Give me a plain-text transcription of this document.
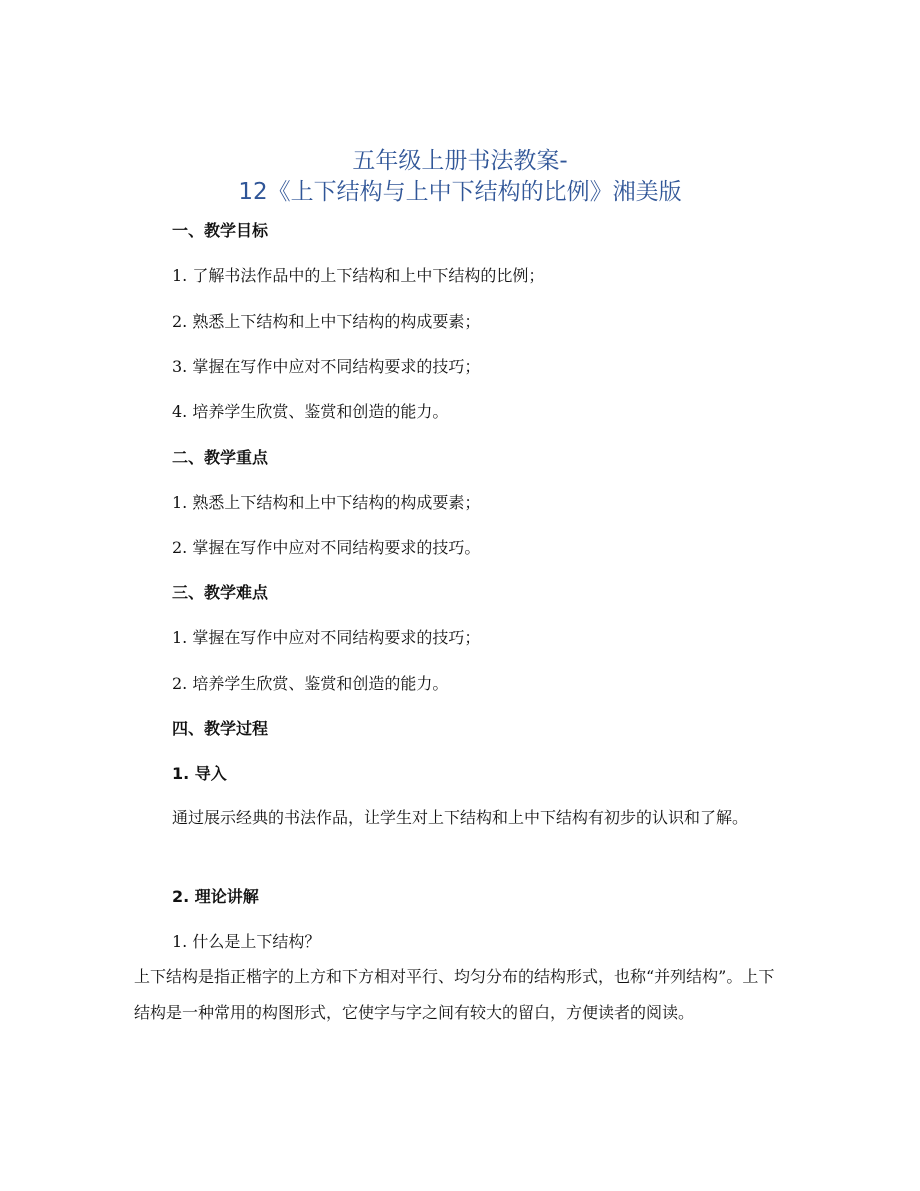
五年级上册书法教案-
12《上下结构与上中下结构的比例》湘美版
一、教学目标
1. 了解书法作品中的上下结构和上中下结构的比例；
2. 熟悉上下结构和上中下结构的构成要素；
3. 掌握在写作中应对不同结构要求的技巧；
4. 培养学生欣赏、鉴赏和创造的能力。
二、教学重点
1. 熟悉上下结构和上中下结构的构成要素；
2. 掌握在写作中应对不同结构要求的技巧。
三、教学难点
1. 掌握在写作中应对不同结构要求的技巧；
2. 培养学生欣赏、鉴赏和创造的能力。
四、教学过程
1. 导入
通过展示经典的书法作品，让学生对上下结构和上中下结构有初步的认识和了解。
2. 理论讲解
1. 什么是上下结构？
上下结构是指正楷字的上方和下方相对平行、均匀分布的结构形式，也称“并列结构”。上下结构是一种常用的构图形式，它使字与字之间有较大的留白，方便读者的阅读。
